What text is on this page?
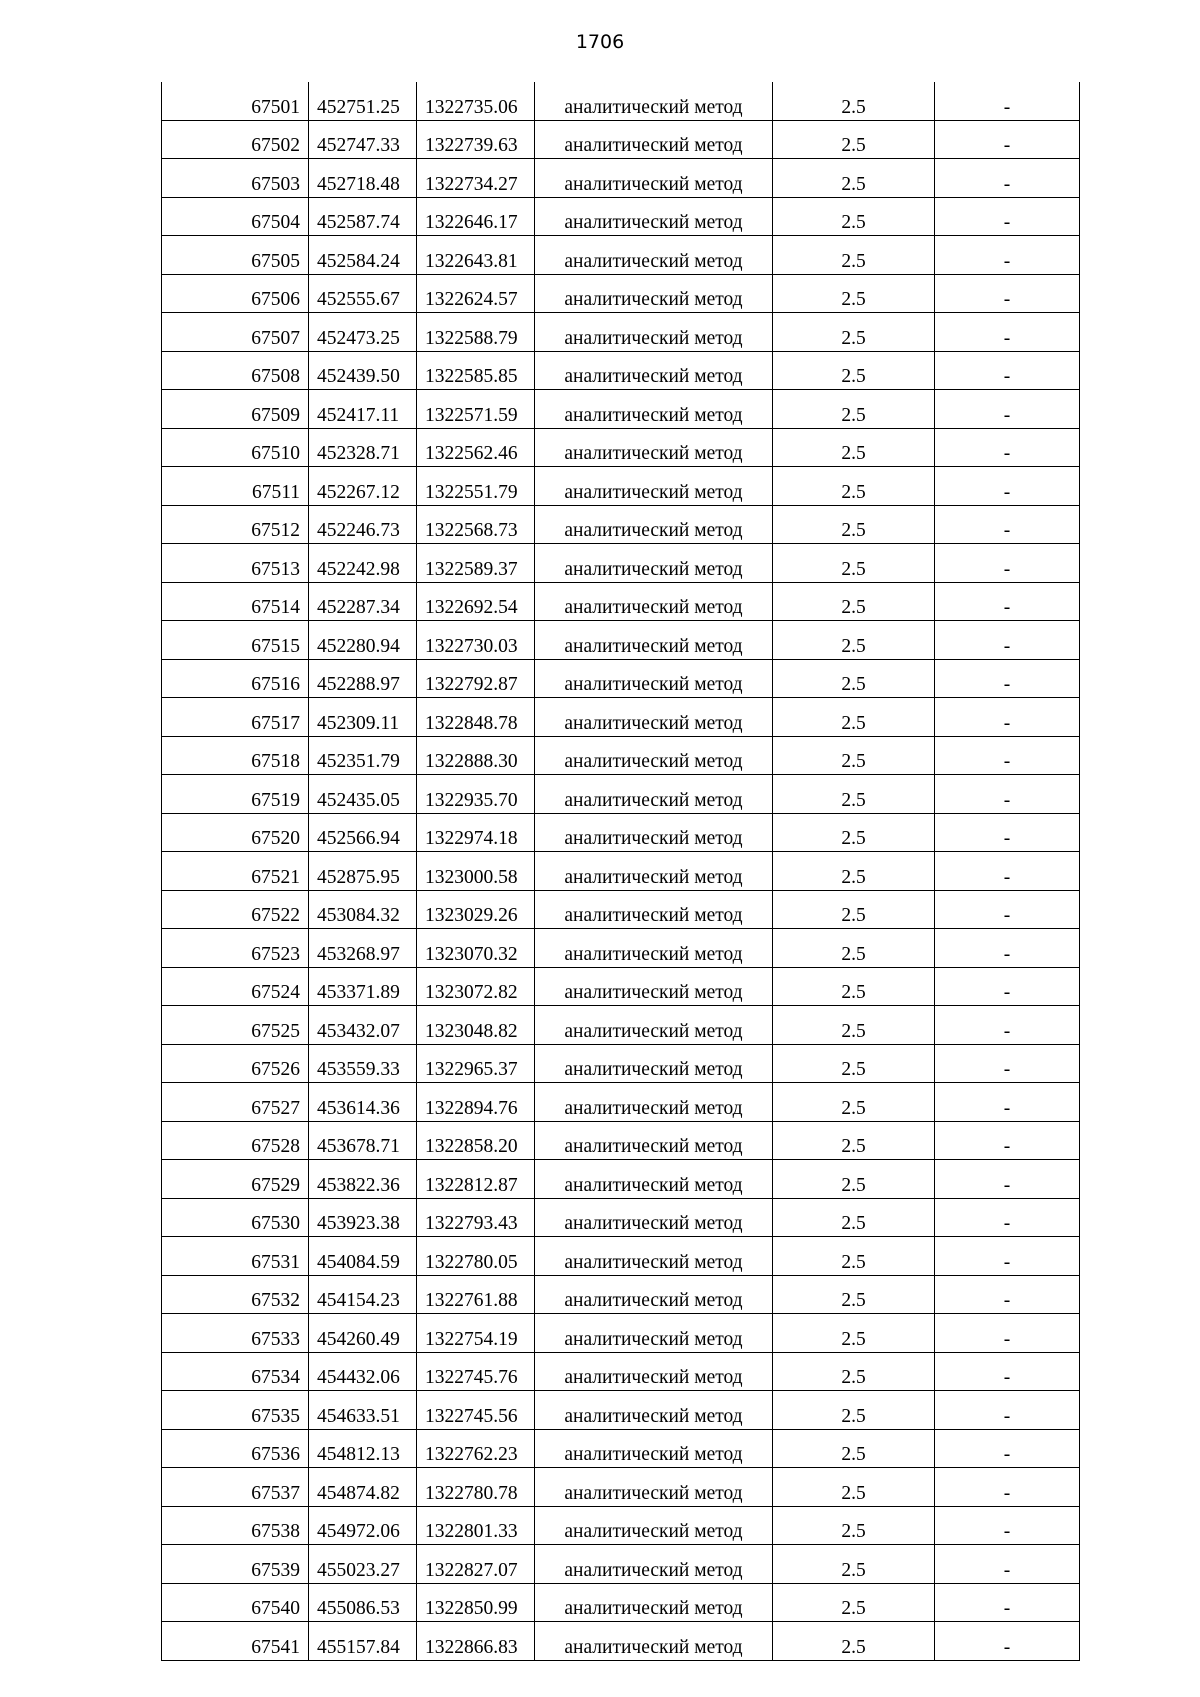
1706
67501	452751.25	1322735.06	аналитический метод	2.5	-
67502	452747.33	1322739.63	аналитический метод	2.5	-
67503	452718.48	1322734.27	аналитический метод	2.5	-
67504	452587.74	1322646.17	аналитический метод	2.5	-
67505	452584.24	1322643.81	аналитический метод	2.5	-
67506	452555.67	1322624.57	аналитический метод	2.5	-
67507	452473.25	1322588.79	аналитический метод	2.5	-
67508	452439.50	1322585.85	аналитический метод	2.5	-
67509	452417.11	1322571.59	аналитический метод	2.5	-
67510	452328.71	1322562.46	аналитический метод	2.5	-
67511	452267.12	1322551.79	аналитический метод	2.5	-
67512	452246.73	1322568.73	аналитический метод	2.5	-
67513	452242.98	1322589.37	аналитический метод	2.5	-
67514	452287.34	1322692.54	аналитический метод	2.5	-
67515	452280.94	1322730.03	аналитический метод	2.5	-
67516	452288.97	1322792.87	аналитический метод	2.5	-
67517	452309.11	1322848.78	аналитический метод	2.5	-
67518	452351.79	1322888.30	аналитический метод	2.5	-
67519	452435.05	1322935.70	аналитический метод	2.5	-
67520	452566.94	1322974.18	аналитический метод	2.5	-
67521	452875.95	1323000.58	аналитический метод	2.5	-
67522	453084.32	1323029.26	аналитический метод	2.5	-
67523	453268.97	1323070.32	аналитический метод	2.5	-
67524	453371.89	1323072.82	аналитический метод	2.5	-
67525	453432.07	1323048.82	аналитический метод	2.5	-
67526	453559.33	1322965.37	аналитический метод	2.5	-
67527	453614.36	1322894.76	аналитический метод	2.5	-
67528	453678.71	1322858.20	аналитический метод	2.5	-
67529	453822.36	1322812.87	аналитический метод	2.5	-
67530	453923.38	1322793.43	аналитический метод	2.5	-
67531	454084.59	1322780.05	аналитический метод	2.5	-
67532	454154.23	1322761.88	аналитический метод	2.5	-
67533	454260.49	1322754.19	аналитический метод	2.5	-
67534	454432.06	1322745.76	аналитический метод	2.5	-
67535	454633.51	1322745.56	аналитический метод	2.5	-
67536	454812.13	1322762.23	аналитический метод	2.5	-
67537	454874.82	1322780.78	аналитический метод	2.5	-
67538	454972.06	1322801.33	аналитический метод	2.5	-
67539	455023.27	1322827.07	аналитический метод	2.5	-
67540	455086.53	1322850.99	аналитический метод	2.5	-
67541	455157.84	1322866.83	аналитический метод	2.5	-
